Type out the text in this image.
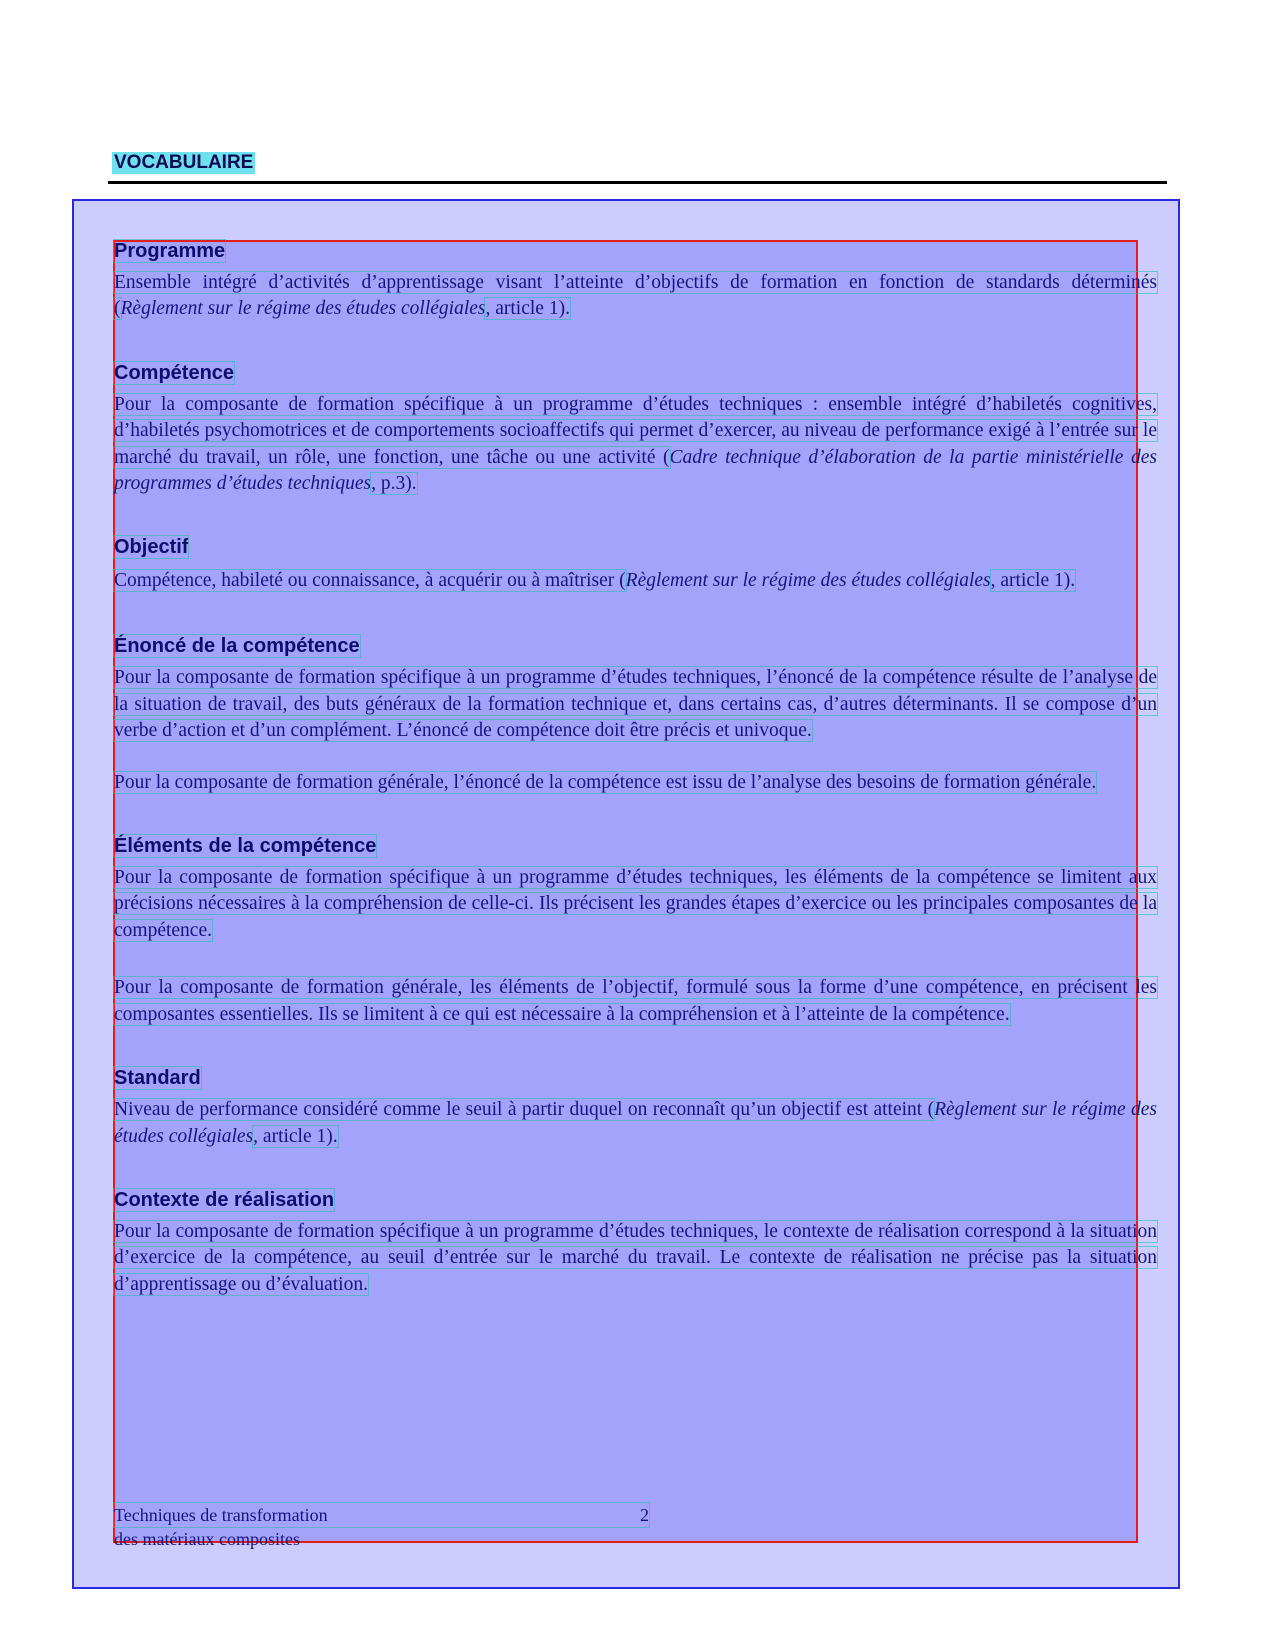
VOCABULAIRE
Programme

Ensemble intégré d’activités d’apprentissage visant l’atteinte d’objectifs de formation en fonction de standards déterminés (Règlement sur le régime des études collégiales, article 1).

Compétence

Pour la composante de formation spécifique à un programme d’études techniques : ensemble intégré d’habiletés cognitives, d’habiletés psychomotrices et de comportements socioaffectifs qui permet d’exercer, au niveau de performance exigé à l’entrée sur le marché du travail, un rôle, une fonction, une tâche ou une activité (Cadre technique d’élaboration de la partie ministérielle des programmes d’études techniques, p.3).

Objectif

Compétence, habileté ou connaissance, à acquérir ou à maîtriser (Règlement sur le régime des études collégiales, article 1).

Énoncé de la compétence

Pour la composante de formation spécifique à un programme d’études techniques, l’énoncé de la compétence résulte de l’analyse de la situation de travail, des buts généraux de la formation technique et, dans certains cas, d’autres déterminants. Il se compose d’un verbe d’action et d’un complément. L’énoncé de compétence doit être précis et univoque.

Pour la composante de formation générale, l’énoncé de la compétence est issu de l’analyse des besoins de formation générale.

Éléments de la compétence

Pour la composante de formation spécifique à un programme d’études techniques, les éléments de la compétence se limitent aux précisions nécessaires à la compréhension de celle-ci. Ils précisent les grandes étapes d’exercice ou les principales composantes de la compétence.

Pour la composante de formation générale, les éléments de l’objectif, formulé sous la forme d’une compétence, en précisent les composantes essentielles. Ils se limitent à ce qui est nécessaire à la compréhension et à l’atteinte de la compétence.

Standard

Niveau de performance considéré comme le seuil à partir duquel on reconnaît qu’un objectif est atteint (Règlement sur le régime des études collégiales, article 1).

Contexte de réalisation

Pour la composante de formation spécifique à un programme d’études techniques, le contexte de réalisation correspond à la situation d’exercice de la compétence, au seuil d’entrée sur le marché du travail. Le contexte de réalisation ne précise pas la situation d’apprentissage ou d’évaluation.

Techniques de transformation	2
des matériaux composites
